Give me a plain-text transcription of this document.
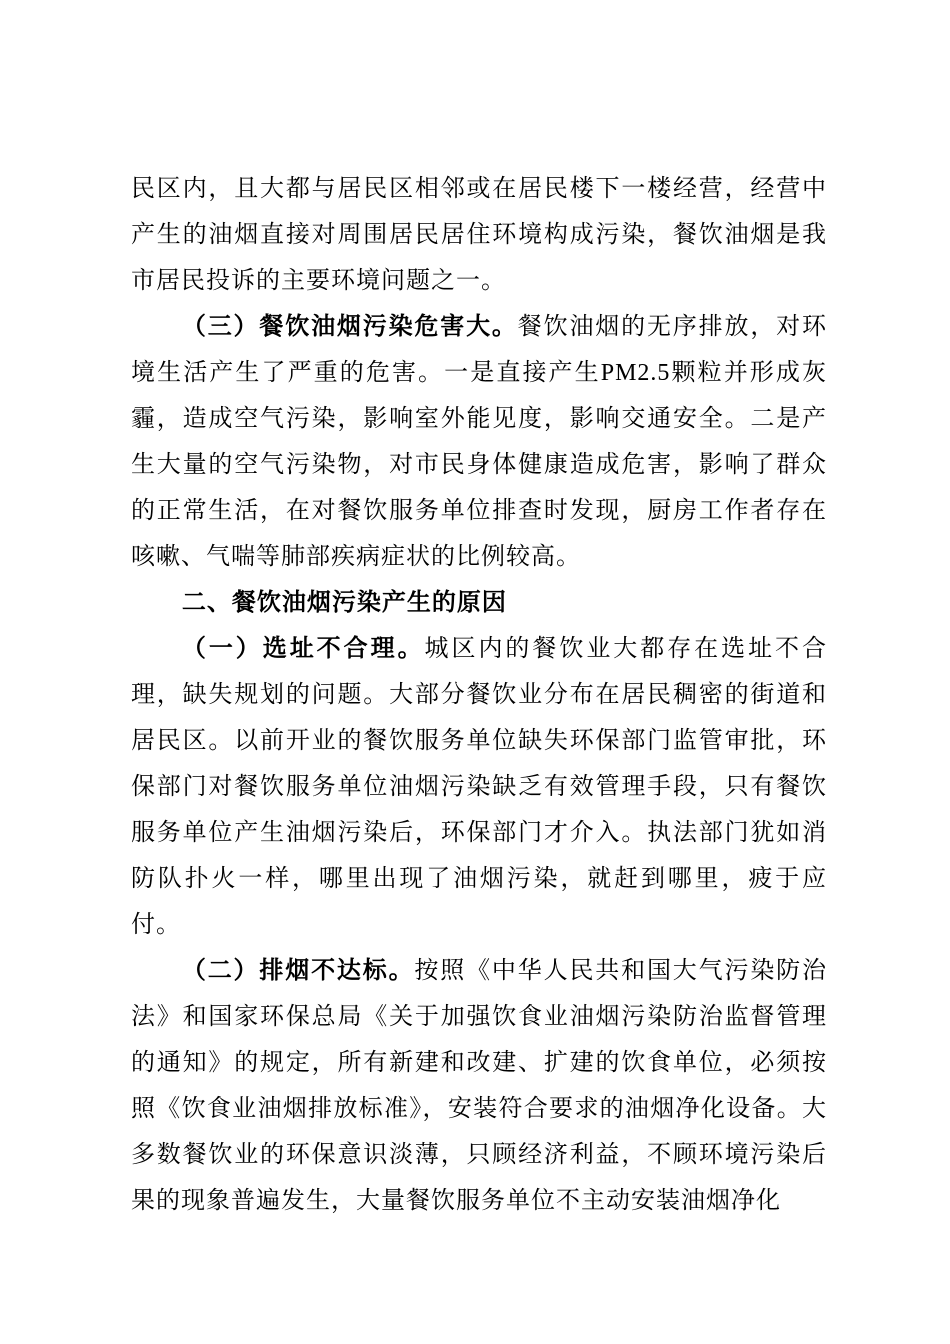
民区内，且大都与居民区相邻或在居民楼下一楼经营，经营中产生的油烟直接对周围居民居住环境构成污染，餐饮油烟是我市居民投诉的主要环境问题之一。

（三）餐饮油烟污染危害大。餐饮油烟的无序排放，对环境生活产生了严重的危害。一是直接产生PM2.5颗粒并形成灰霾，造成空气污染，影响室外能见度，影响交通安全。二是产生大量的空气污染物，对市民身体健康造成危害，影响了群众的正常生活，在对餐饮服务单位排查时发现，厨房工作者存在咳嗽、气喘等肺部疾病症状的比例较高。

二、餐饮油烟污染产生的原因

（一）选址不合理。城区内的餐饮业大都存在选址不合理，缺失规划的问题。大部分餐饮业分布在居民稠密的街道和居民区。以前开业的餐饮服务单位缺失环保部门监管审批，环保部门对餐饮服务单位油烟污染缺乏有效管理手段，只有餐饮服务单位产生油烟污染后，环保部门才介入。执法部门犹如消防队扑火一样，哪里出现了油烟污染，就赶到哪里，疲于应付。

（二）排烟不达标。按照《中华人民共和国大气污染防治法》和国家环保总局《关于加强饮食业油烟污染防治监督管理的通知》的规定，所有新建和改建、扩建的饮食单位，必须按照《饮食业油烟排放标准》，安装符合要求的油烟净化设备。大多数餐饮业的环保意识淡薄，只顾经济利益，不顾环境污染后果的现象普遍发生，大量餐饮服务单位不主动安装油烟净化
